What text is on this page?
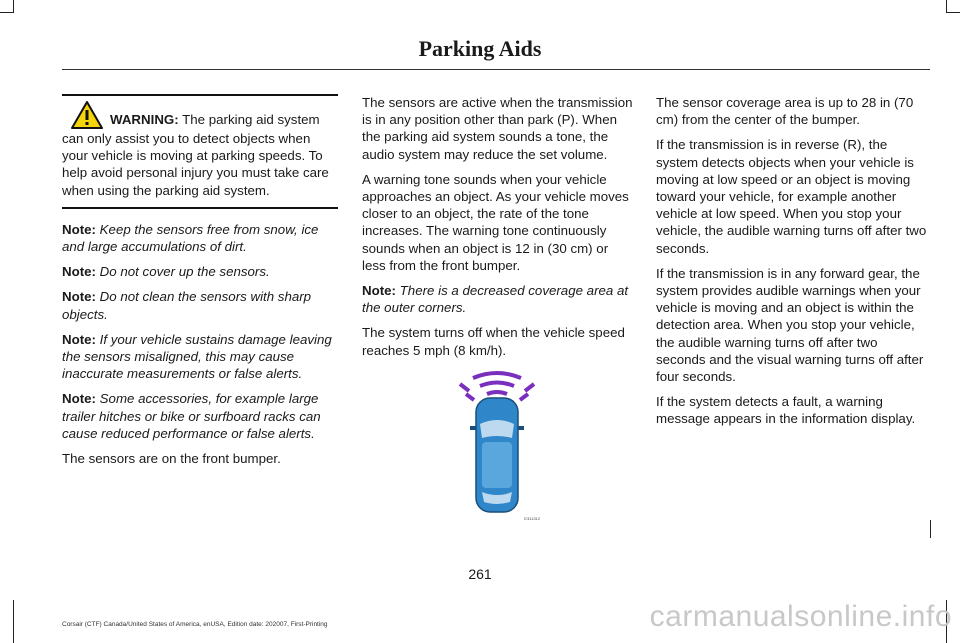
Parking Aids

WARNING: The parking aid system can only assist you to detect objects when your vehicle is moving at parking speeds. To help avoid personal injury you must take care when using the parking aid system.

Note: Keep the sensors free from snow, ice and large accumulations of dirt.

Note: Do not cover up the sensors.

Note: Do not clean the sensors with sharp objects.

Note: If your vehicle sustains damage leaving the sensors misaligned, this may cause inaccurate measurements or false alerts.

Note: Some accessories, for example large trailer hitches or bike or surfboard racks can cause reduced performance or false alerts.

The sensors are on the front bumper.

The sensors are active when the transmission is in any position other than park (P). When the parking aid system sounds a tone, the audio system may reduce the set volume.

A warning tone sounds when your vehicle approaches an object. As your vehicle moves closer to an object, the rate of the tone increases. The warning tone continuously sounds when an object is 12 in (30 cm) or less from the front bumper.

Note: There is a decreased coverage area at the outer corners.

The system turns off when the vehicle speed reaches 5 mph (8 km/h).

E311312

The sensor coverage area is up to 28 in (70 cm) from the center of the bumper.

If the transmission is in reverse (R), the system detects objects when your vehicle is moving at low speed or an object is moving toward your vehicle, for example another vehicle at low speed. When you stop your vehicle, the audible warning turns off after two seconds.

If the transmission is in any forward gear, the system provides audible warnings when your vehicle is moving and an object is within the detection area. When you stop your vehicle, the audible warning turns off after two seconds and the visual warning turns off after four seconds.

If the system detects a fault, a warning message appears in the information display.

261
Corsair (CTF) Canada/United States of America, enUSA, Edition date: 202007, First-Printing	carmanualsonline.info
